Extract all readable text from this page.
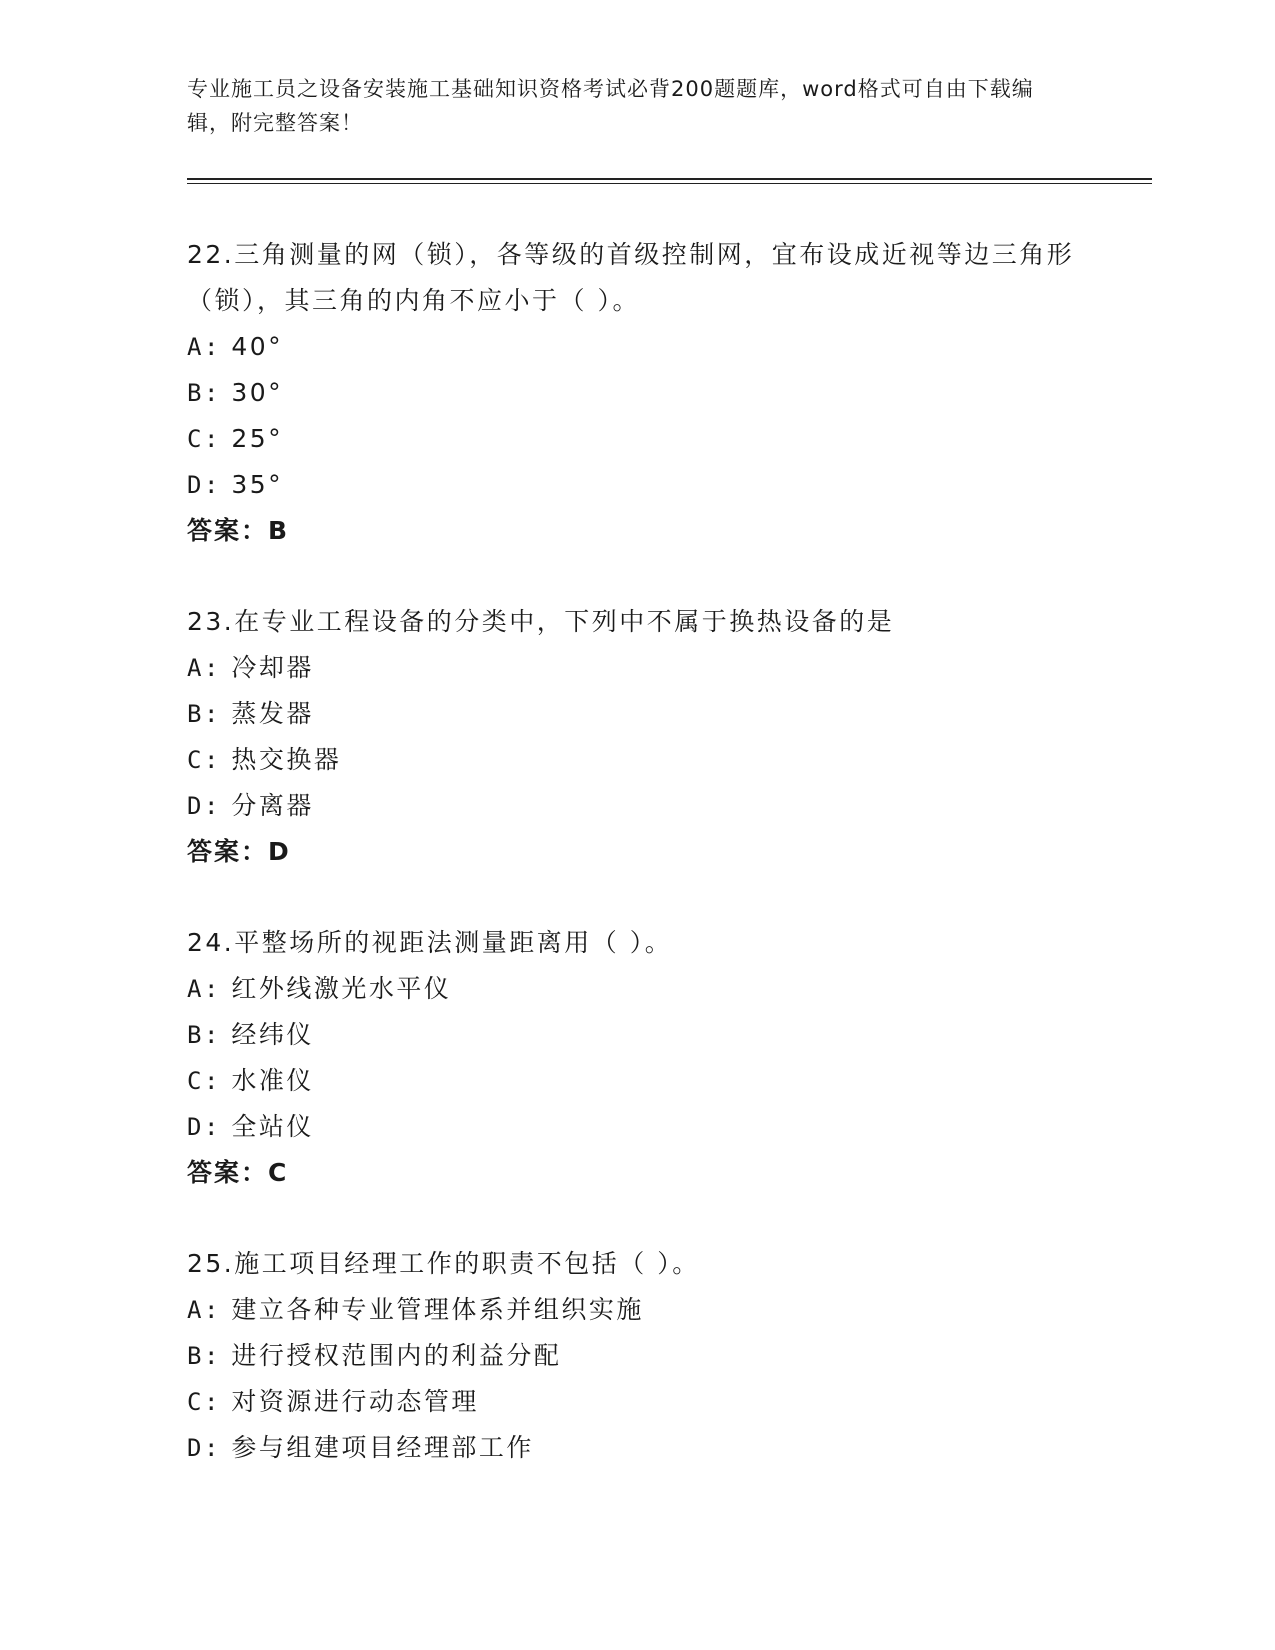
专业施工员之设备安装施工基础知识资格考试必背200题题库，word格式可自由下载编辑，附完整答案！
22.三角测量的网（锁），各等级的首级控制网，宜布设成近视等边三角形（锁），其三角的内角不应小于（ ）。
A: 40°
B: 30°
C: 25°
D: 35°
答案：B
23.在专业工程设备的分类中，下列中不属于换热设备的是
A: 冷却器
B: 蒸发器
C: 热交换器
D: 分离器
答案：D
24.平整场所的视距法测量距离用（ ）。
A: 红外线激光水平仪
B: 经纬仪
C: 水准仪
D: 全站仪
答案：C
25.施工项目经理工作的职责不包括（ ）。
A: 建立各种专业管理体系并组织实施
B: 进行授权范围内的利益分配
C: 对资源进行动态管理
D: 参与组建项目经理部工作
